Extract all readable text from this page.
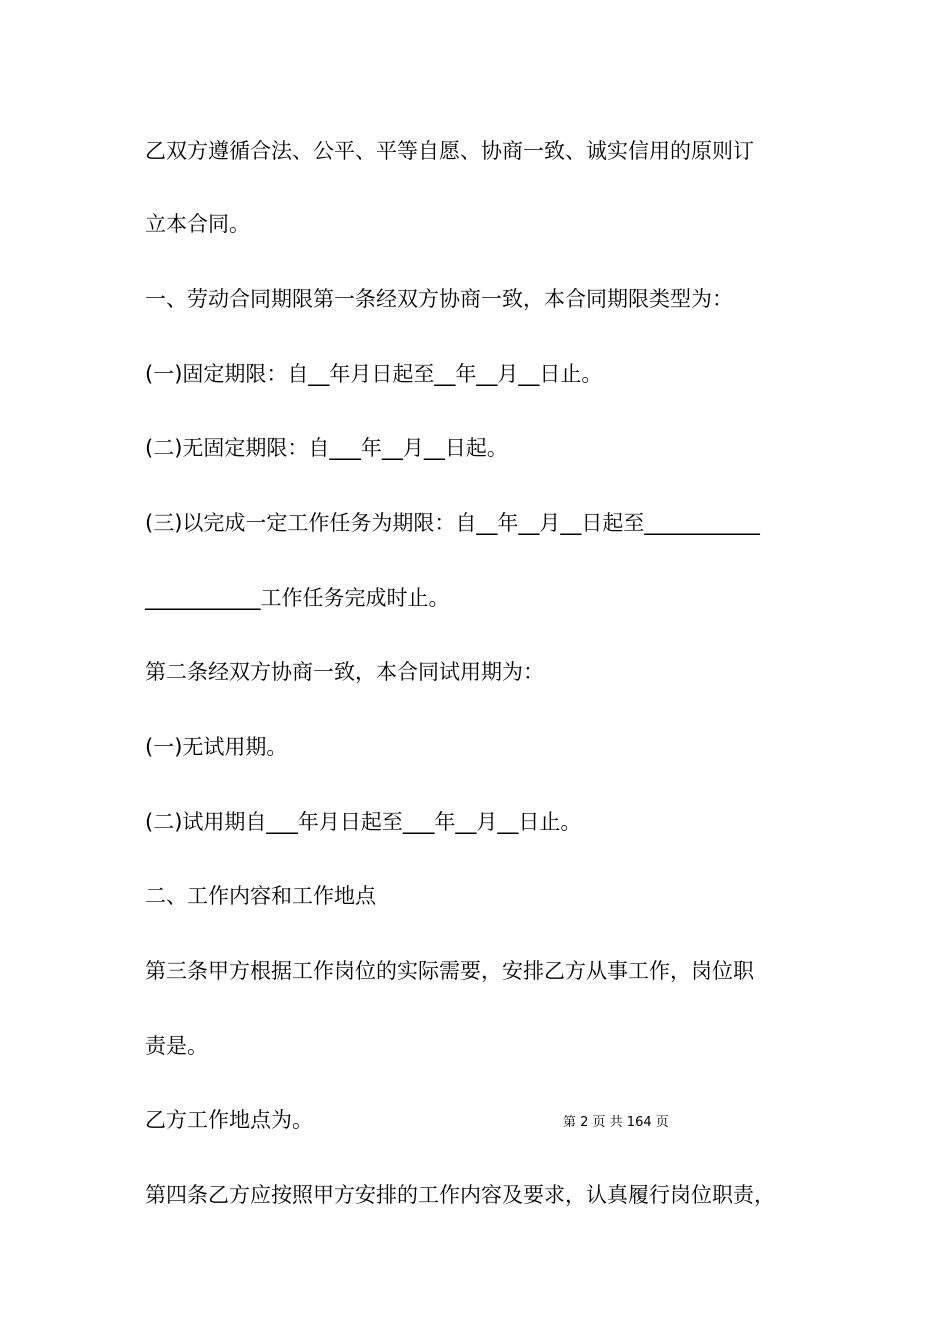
乙双方遵循合法、公平、平等自愿、协商一致、诚实信用的原则订
立本合同。
一、劳动合同期限第一条经双方协商一致，本合同期限类型为：
(一)固定期限：自__年月日起至__年__月__日止。
(二)无固定期限：自___年__月__日起。
(三)以完成一定工作任务为期限：自__年__月__日起至___________
___________工作任务完成时止。
第二条经双方协商一致，本合同试用期为：
(一)无试用期。
(二)试用期自___年月日起至___年__月__日止。
二、工作内容和工作地点
第三条甲方根据工作岗位的实际需要，安排乙方从事工作，岗位职
责是。
乙方工作地点为。	第 2 页 共 164 页
第四条乙方应按照甲方安排的工作内容及要求，认真履行岗位职责，
